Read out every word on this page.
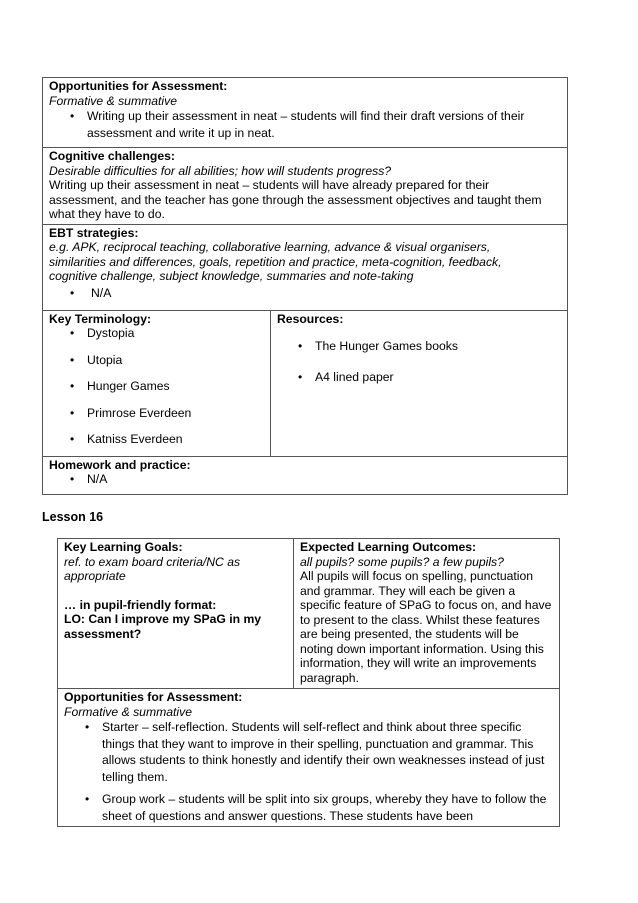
Opportunities for Assessment:
Formative & summative
• Writing up their assessment in neat – students will find their draft versions of their assessment and write it up in neat.

Cognitive challenges:
Desirable difficulties for all abilities; how will students progress?
Writing up their assessment in neat – students will have already prepared for their assessment, and the teacher has gone through the assessment objectives and taught them what they have to do.

EBT strategies:
e.g. APK, reciprocal teaching, collaborative learning, advance & visual organisers, similarities and differences, goals, repetition and practice, meta-cognition, feedback, cognitive challenge, subject knowledge, summaries and note-taking
• N/A

Key Terminology:
• Dystopia
• Utopia
• Hunger Games
• Primrose Everdeen
• Katniss Everdeen

Resources:
• The Hunger Games books
• A4 lined paper

Homework and practice:
• N/A
Lesson 16
Key Learning Goals:
ref. to exam board criteria/NC as appropriate
… in pupil-friendly format:
LO: Can I improve my SPaG in my assessment?

Expected Learning Outcomes:
all pupils? some pupils? a few pupils?
All pupils will focus on spelling, punctuation and grammar. They will each be given a specific feature of SPaG to focus on, and have to present to the class. Whilst these features are being presented, the students will be noting down important information. Using this information, they will write an improvements paragraph.

Opportunities for Assessment:
Formative & summative
• Starter – self-reflection. Students will self-reflect and think about three specific things that they want to improve in their spelling, punctuation and grammar. This allows students to think honestly and identify their own weaknesses instead of just telling them.
• Group work – students will be split into six groups, whereby they have to follow the sheet of questions and answer questions. These students have been
